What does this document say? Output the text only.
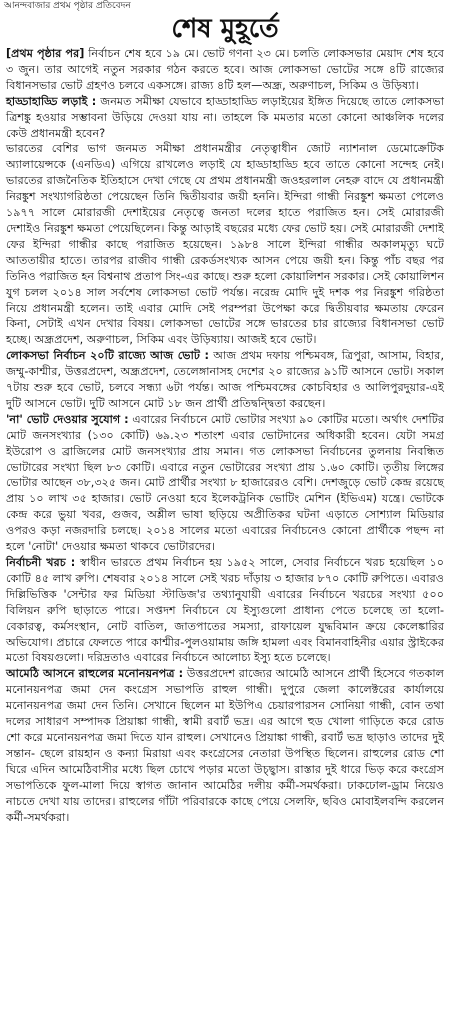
আনন্দবাজার প্রথম পৃষ্ঠার প্রতিবেদন
শেষ মুহূর্তে

[প্রথম পৃষ্ঠার পর] নির্বাচন শেষ হবে ১৯ মে। ভোট গণনা ২৩ মে। চলতি লোকসভার মেয়াদ শেষ হবে ৩ জুন। তার আগেই নতুন সরকার গঠন করতে হবে। আজ লোকসভা ভোটের সঙ্গে ৪টি রাজ্যের বিধানসভার ভোট গ্রহণও চলবে একসঙ্গে। রাজ্য ৪টি হল—অন্ধ্র, অরুণাচল, সিকিম ও উড়িষ্যা।

হাড্ডাহাড্ডি লড়াই : জনমত সমীক্ষা যেভাবে হাড্ডাহাড্ডি লড়াইয়ের ইঙ্গিত দিয়েছে তাতে লোকসভা ত্রিশঙ্কু হওয়ার সম্ভাবনা উড়িয়ে দেওয়া যায় না। তাহলে কি মমতার মতো কোনো আঞ্চলিক দলের কেউ প্রধানমন্ত্রী হবেন?

ভারতের বেশির ভাগ জনমত সমীক্ষা প্রধানমন্ত্রীর নেতৃত্বাধীন জোট ন্যাশনাল ডেমোক্রেটিক অ্যালায়েন্সকে (এনডিএ) এগিয়ে রাখলেও লড়াই যে হাড্ডাহাড্ডি হবে তাতে কোনো সন্দেহ নেই। ভারতের রাজনৈতিক ইতিহাসে দেখা গেছে যে প্রথম প্রধানমন্ত্রী জওহরলাল নেহরু বাদে যে প্রধানমন্ত্রী নিরঙ্কুশ সংখ্যাগরিষ্ঠতা পেয়েছেন তিনি দ্বিতীয়বার জয়ী হননি। ইন্দিরা গান্ধী নিরঙ্কুশ ক্ষমতা পেলেও ১৯৭৭ সালে মোরারজী দেশাইয়ের নেতৃত্বে জনতা দলের হাতে পরাজিত হন। সেই মোরারজী দেশাইও নিরঙ্কুশ ক্ষমতা পেয়েছিলেন। কিন্তু আড়াই বছরের মধ্যে ফের ভোট হয়। সেই মোরারজী দেশাই ফের ইন্দিরা গান্ধীর কাছে পরাজিত হয়েছেন। ১৯৮৪ সালে ইন্দিরা গান্ধীর অকালমৃত্যু ঘটে আততায়ীর হাতে। তারপর রাজীব গান্ধী রেকর্ডসংখ্যক আসন পেয়ে জয়ী হন। কিন্তু পাঁচ বছর পর তিনিও পরাজিত হন বিশ্বনাথ প্রতাপ সিং-এর কাছে। শুরু হলো কোয়ালিশন সরকার। সেই কোয়ালিশন যুগ চলল ২০১৪ সাল সর্বশেষ লোকসভা ভোট পর্যন্ত। নরেন্দ্র মোদি দুই দশক পর নিরঙ্কুশ গরিষ্ঠতা নিয়ে প্রধানমন্ত্রী হলেন। তাই এবার মোদি সেই পরম্পরা উপেক্ষা করে দ্বিতীয়বার ক্ষমতায় ফেরেন কিনা, সেটাই এখন দেখার বিষয়। লোকসভা ভোটের সঙ্গে ভারতের চার রাজ্যের বিধানসভা ভোট হচ্ছে। অন্ধ্রপ্রদেশ, অরুণাচল, সিকিম এবং উড়িষ্যায়। আজই হবে ভোট।

লোকসভা নির্বাচন ২০টি রাজ্যে আজ ভোট : আজ প্রথম দফায় পশ্চিমবঙ্গ, ত্রিপুরা, আসাম, বিহার, জম্মু-কাশ্মীর, উত্তরপ্রদেশ, অন্ধ্রপ্রদেশ, তেলেঙ্গানাসহ দেশের ২০ রাজ্যের ৯১টি আসনে ভোট। সকাল ৭টায় শুরু হবে ভোট, চলবে সন্ধ্যা ৬টা পর্যন্ত। আজ পশ্চিমবঙ্গের কোচবিহার ও আলিপুরদুয়ার-এই দুটি আসনে ভোট। দুটি আসনে মোট ১৮ জন প্রার্থী প্রতিদ্বন্দ্বিতা করছেন।

'না' ভোট দেওয়ার সুযোগ : এবারের নির্বাচনে মোট ভোটার সংখ্যা ৯০ কোটির মতো। অর্থাৎ দেশটির মোট জনসংখ্যার (১৩০ কোটি) ৬৯.২৩ শতাংশ এবার ভোটদানের অধিকারী হবেন। যেটা সমগ্র ইউরোপ ও ব্রাজিলের মোট জনসংখ্যার প্রায় সমান। গত লোকসভা নির্বাচনের তুলনায় নিবন্ধিত ভোটারের সংখ্যা ছিল ৮৩ কোটি। এবারে নতুন ভোটারের সংখ্যা প্রায় ১.৬০ কোটি। তৃতীয় লিঙ্গের ভোটার আছেন ৩৮,৩২৫ জন। মোট প্রার্থীর সংখ্যা ৮ হাজারেরও বেশি। দেশজুড়ে ভোট কেন্দ্র রয়েছে প্রায় ১০ লাখ ৩৫ হাজার। ভোট নেওয়া হবে ইলেকট্রনিক ভোটিং মেশিন (ইভিএম) যন্ত্রে। ভোটকে কেন্দ্র করে ভুয়া খবর, গুজব, অশ্লীল ভাষা ছড়িয়ে অপ্রীতিকর ঘটনা এড়াতে সোশ্যাল মিডিয়ার ওপরও কড়া নজরদারি চলছে। ২০১৪ সালের মতো এবারের নির্বাচনেও কোনো প্রার্থীকে পছন্দ না হলে 'নোটা' দেওয়ার ক্ষমতা থাকবে ভোটারদের।

নির্বাচনী খরচ : স্বাধীন ভারতে প্রথম নির্বাচন হয় ১৯৫২ সালে, সেবার নির্বাচনে খরচ হয়েছিল ১০ কোটি ৪৫ লাখ রুপি। শেষবার ২০১৪ সালে সেই খরচ দাঁড়ায় ৩ হাজার ৮৭০ কোটি রুপিতে। এবারও দিল্লিভিত্তিক 'সেন্টার ফর মিডিয়া স্টাডিজ'র তথ্যানুযায়ী এবারের নির্বাচনে খরচের সংখ্যা ৫০০ বিলিয়ন রুপি ছাড়াতে পারে। সপ্তদশ নির্বাচনে যে ইস্যুগুলো প্রাধান্য পেতে চলেছে তা হলো-বেকারত্ব, কর্মসংস্থান, নোট বাতিল, জাতপাতের সমস্যা, রাফায়েল যুদ্ধবিমান ক্রয়ে কেলেঙ্কারির অভিযোগ। প্রচারে ফেলতে পারে কাশ্মীর-পুলওয়ামায় জঙ্গি হামলা এবং বিমানবাহিনীর এয়ার স্ট্রাইকের মতো বিষয়গুলো। দরিদ্রতাও এবারের নির্বাচনে আলোচ্য ইস্যু হতে চলেছে।

আমেঠি আসনে রাহুলের মনোনয়নপত্র : উত্তরপ্রদেশ রাজ্যের আমেঠি আসনে প্রার্থী হিসেবে গতকাল মনোনয়নপত্র জমা দেন কংগ্রেস সভাপতি রাহুল গান্ধী। দুপুরে জেলা কালেক্টরের কার্যালয়ে মনোনয়নপত্র জমা দেন তিনি। সেখানে ছিলেন মা ইউপিএ চেয়ারপারসন সোনিয়া গান্ধী, বোন তথা দলের সাধারণ সম্পাদক প্রিয়াঙ্কা গান্ধী, স্বামী রবার্ট ভদ্র। এর আগে হুড খোলা গাড়িতে করে রোড শো করে মনোনয়নপত্র জমা দিতে যান রাহুল। সেখানেও প্রিয়াঙ্কা গান্ধী, রবার্ট ভদ্র ছাড়াও তাদের দুই সন্তান- ছেলে রায়হান ও কন্যা মিরায়া এবং কংগ্রেসের নেতারা উপস্থিত ছিলেন। রাহুলের রোড শো ঘিরে এদিন আমেঠিবাসীর মধ্যে ছিল চোখে পড়ার মতো উচ্ছ্বাস। রাস্তার দুই ধারে ভিড় করে কংগ্রেস সভাপতিকে ফুল-মালা দিয়ে স্বাগত জানান আমেঠির দলীয় কর্মী-সমর্থকরা। ঢাকঢোল-ড্রাম নিয়েও নাচতে দেখা যায় তাদের। রাহুলের গাঁটা পরিবারকে কাছে পেয়ে সেলফি, ছবিও মোবাইলবন্দি করলেন কর্মী-সমর্থকরা।
